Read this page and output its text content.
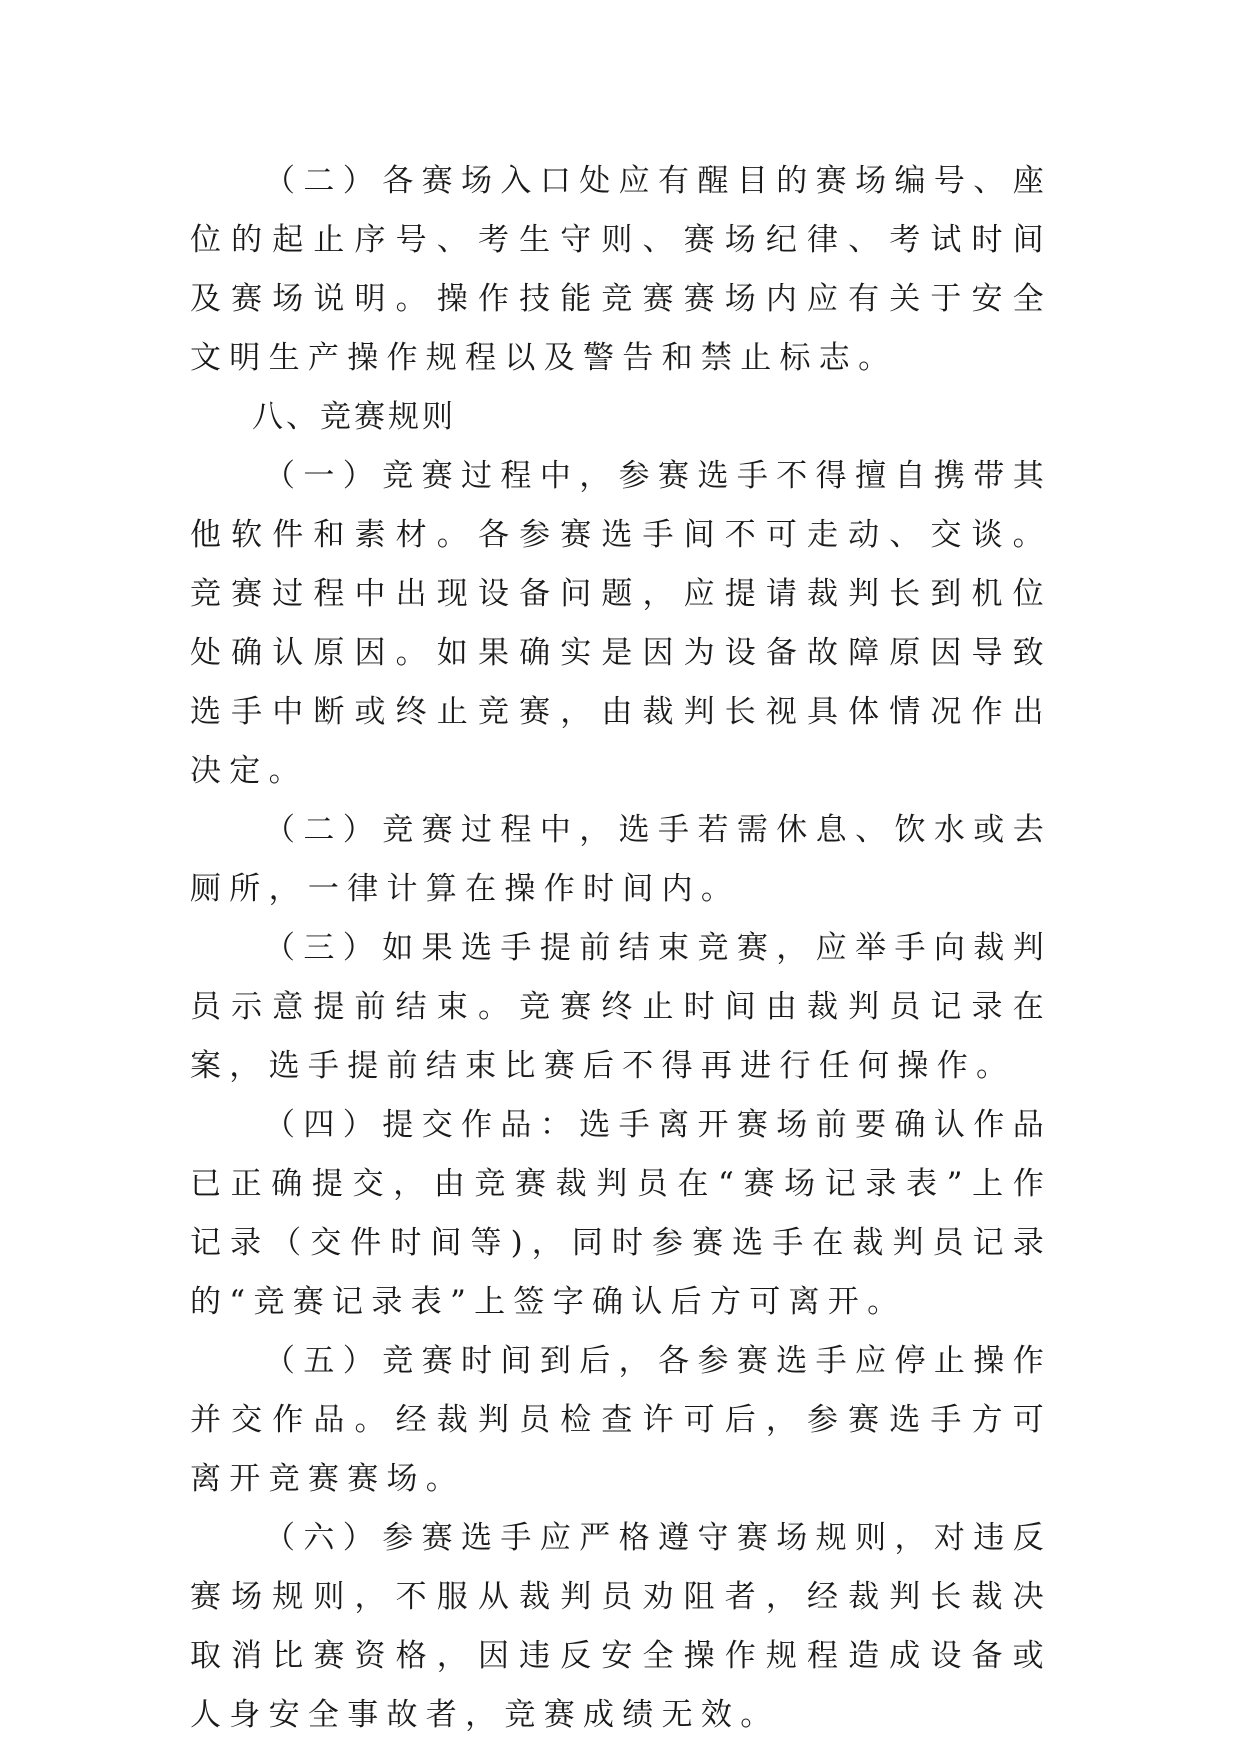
（二）各赛场入口处应有醒目的赛场编号、座位的起止序号、考生守则、赛场纪律、考试时间及赛场说明。操作技能竞赛赛场内应有关于安全文明生产操作规程以及警告和禁止标志。

八、竞赛规则

（一）竞赛过程中，参赛选手不得擅自携带其他软件和素材。各参赛选手间不可走动、交谈。竞赛过程中出现设备问题，应提请裁判长到机位处确认原因。如果确实是因为设备故障原因导致选手中断或终止竞赛，由裁判长视具体情况作出决定。

（二）竞赛过程中，选手若需休息、饮水或去厕所，一律计算在操作时间内。

（三）如果选手提前结束竞赛，应举手向裁判员示意提前结束。竞赛终止时间由裁判员记录在案，选手提前结束比赛后不得再进行任何操作。

（四）提交作品：选手离开赛场前要确认作品已正确提交，由竞赛裁判员在“赛场记录表”上作记录（交件时间等)，同时参赛选手在裁判员记录的“竞赛记录表”上签字确认后方可离开。

（五）竞赛时间到后，各参赛选手应停止操作并交作品。经裁判员检查许可后，参赛选手方可离开竞赛赛场。

（六）参赛选手应严格遵守赛场规则，对违反赛场规则，不服从裁判员劝阻者，经裁判长裁决取消比赛资格，因违反安全操作规程造成设备或人身安全事故者，竞赛成绩无效。
